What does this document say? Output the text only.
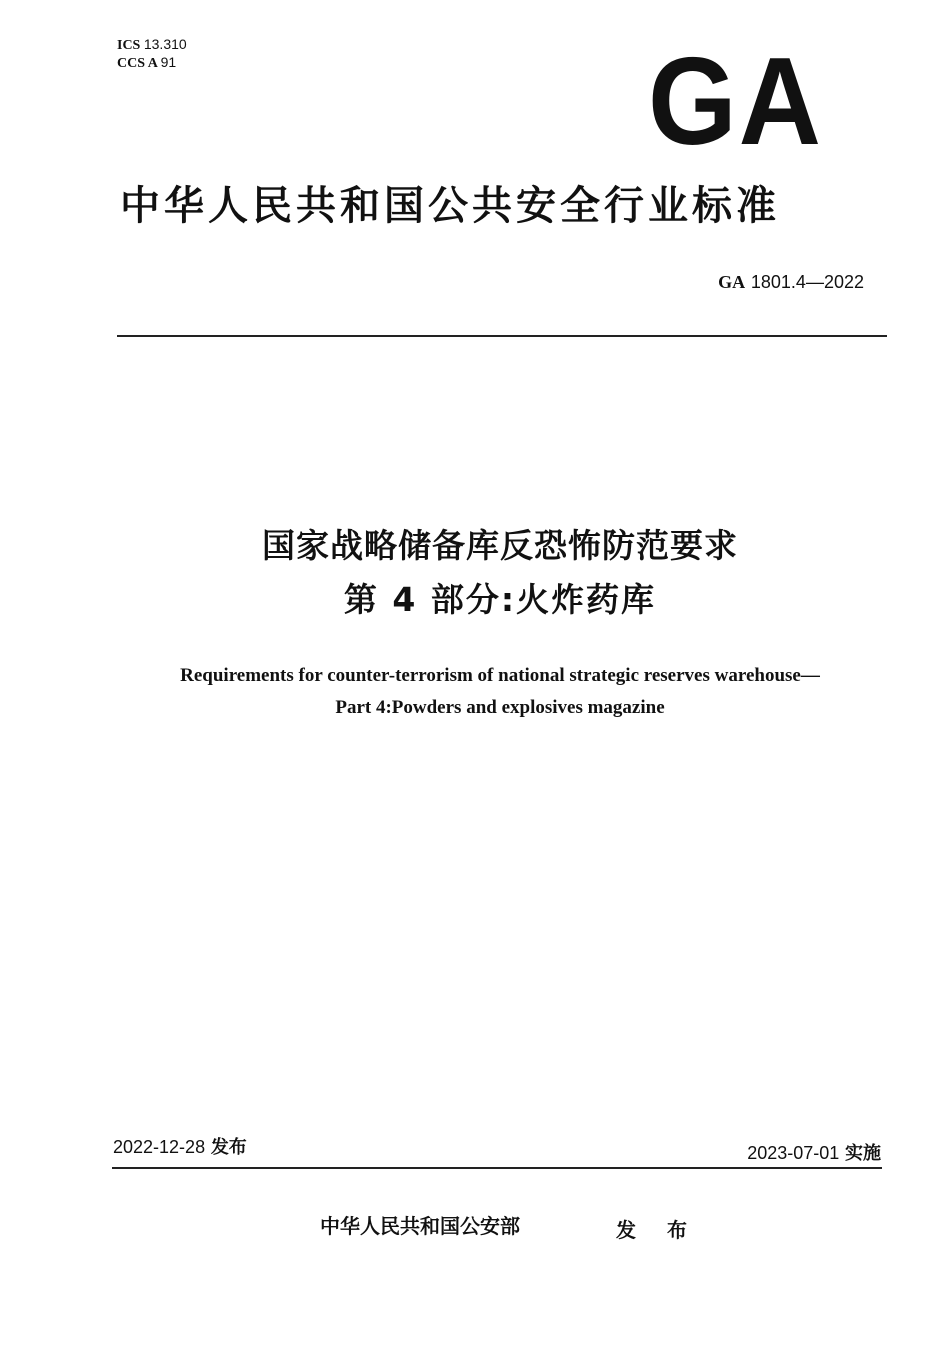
ICS 13.310
CCS A 91	GA
中华人民共和国公共安全行业标准
GA 1801.4—2022
国家战略储备库反恐怖防范要求
第 4 部分:火炸药库
Requirements for counter-terrorism of national strategic reserves warehouse—
Part 4:Powders and explosives magazine
2022-12-28 发布	2023-07-01 实施
中华人民共和国公安部	发 布
